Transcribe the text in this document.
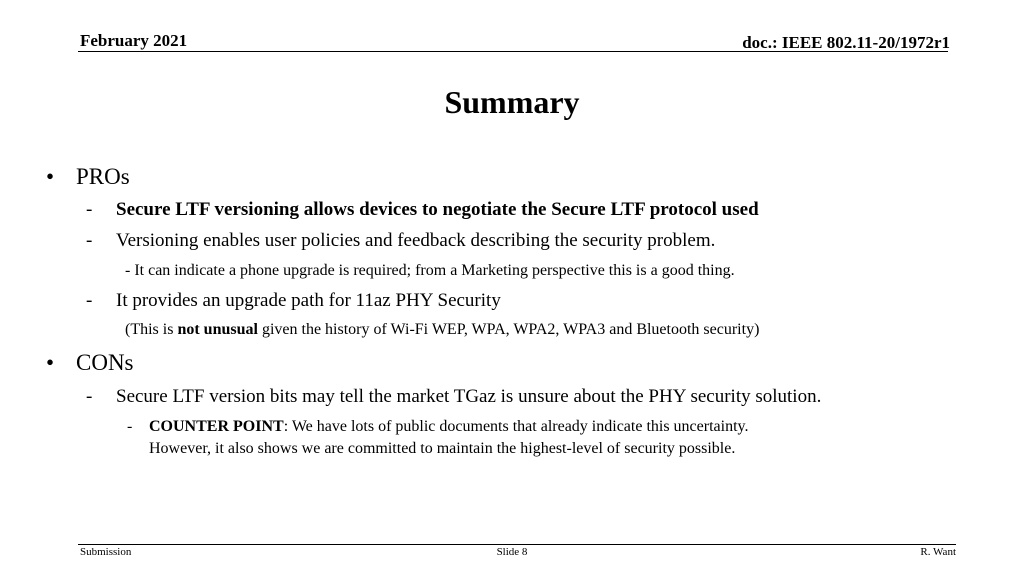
February 2021	doc.: IEEE 802.11-20/1972r1
Summary
• PROs
- Secure LTF versioning allows devices to negotiate the Secure LTF protocol used
- Versioning enables user policies and feedback describing the security problem.
- It can indicate a phone upgrade is required; from a Marketing perspective this is a good thing.
- It provides an upgrade path for 11az PHY Security
(This is not unusual given the history of Wi-Fi WEP, WPA, WPA2, WPA3 and Bluetooth security)
• CONs
- Secure LTF version bits may tell the market TGaz is unsure about the PHY security solution.
- COUNTER POINT: We have lots of public documents that already indicate this uncertainty.
However, it also shows we are committed to maintain the highest-level of security possible.
Submission	Slide 8	R. Want
